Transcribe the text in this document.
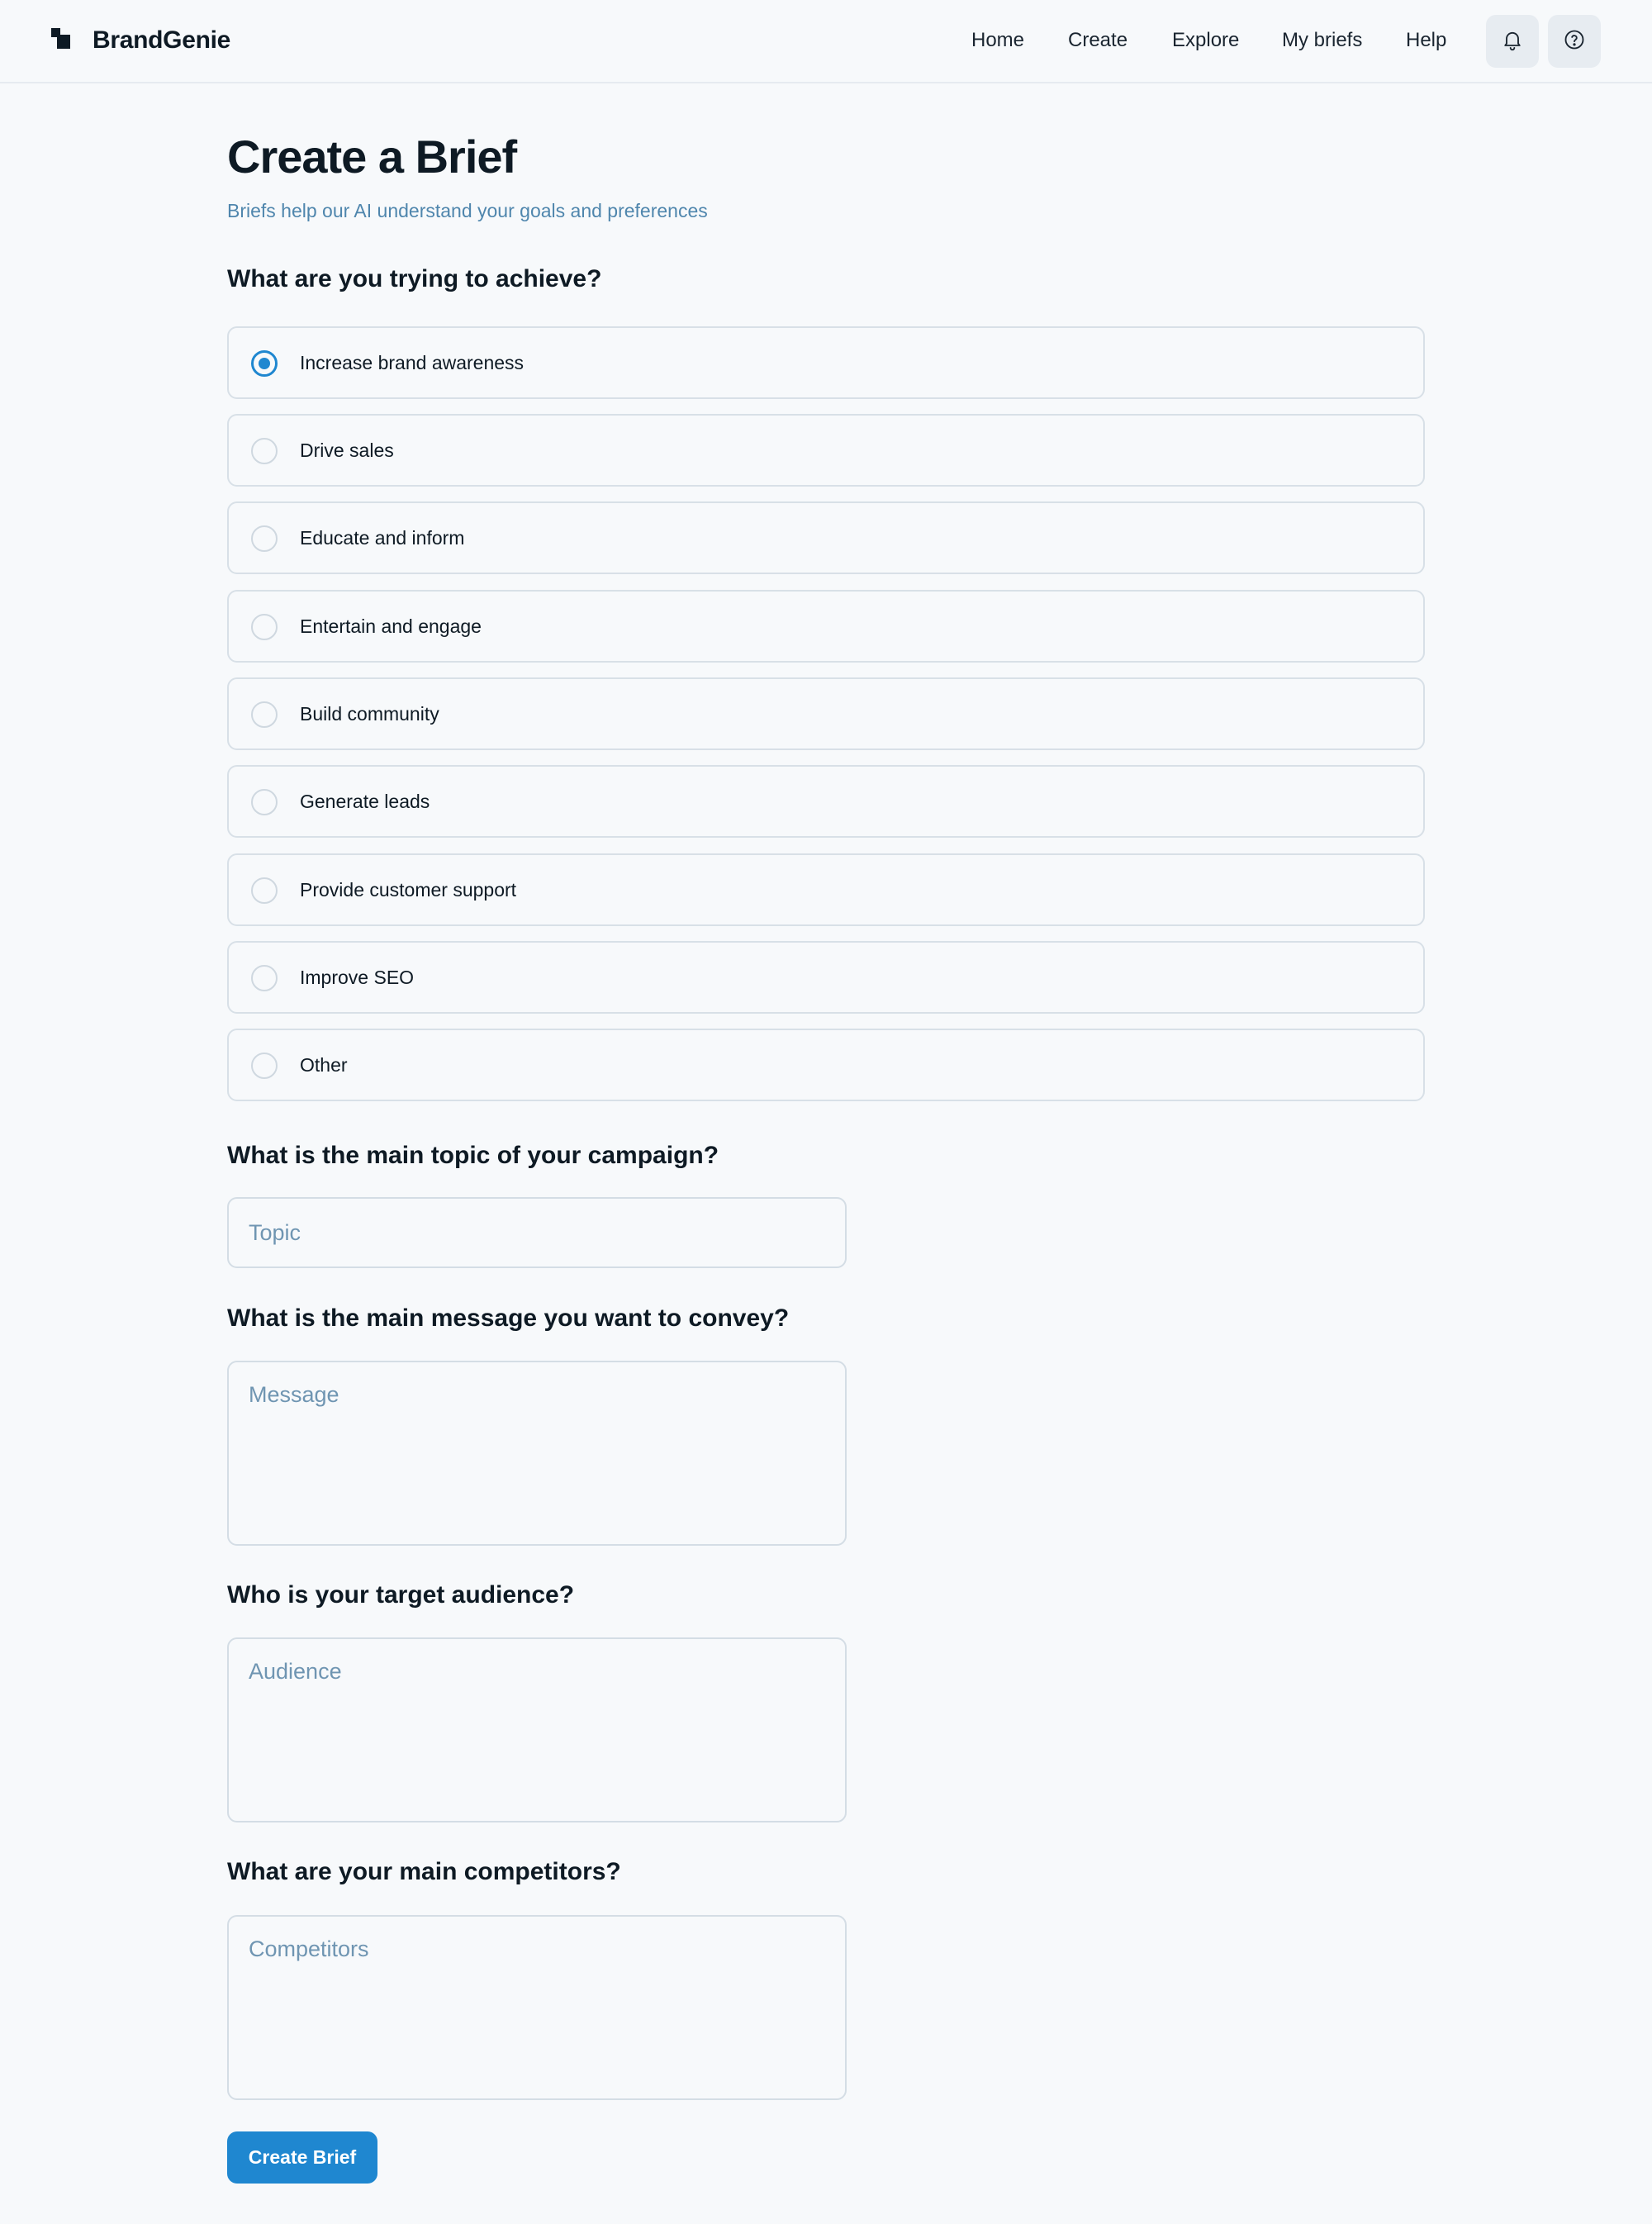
BrandGenie	Home Create Explore My briefs Help
Create a Brief

Briefs help our AI understand your goals and preferences

What are you trying to achieve?
Increase brand awareness
Drive sales
Educate and inform
Entertain and engage
Build community
Generate leads
Provide customer support
Improve SEO
Other
What is the main topic of your campaign?
Topic
What is the main message you want to convey?
Message
Who is your target audience?
Audience
What are your main competitors?
Competitors
Create Brief
